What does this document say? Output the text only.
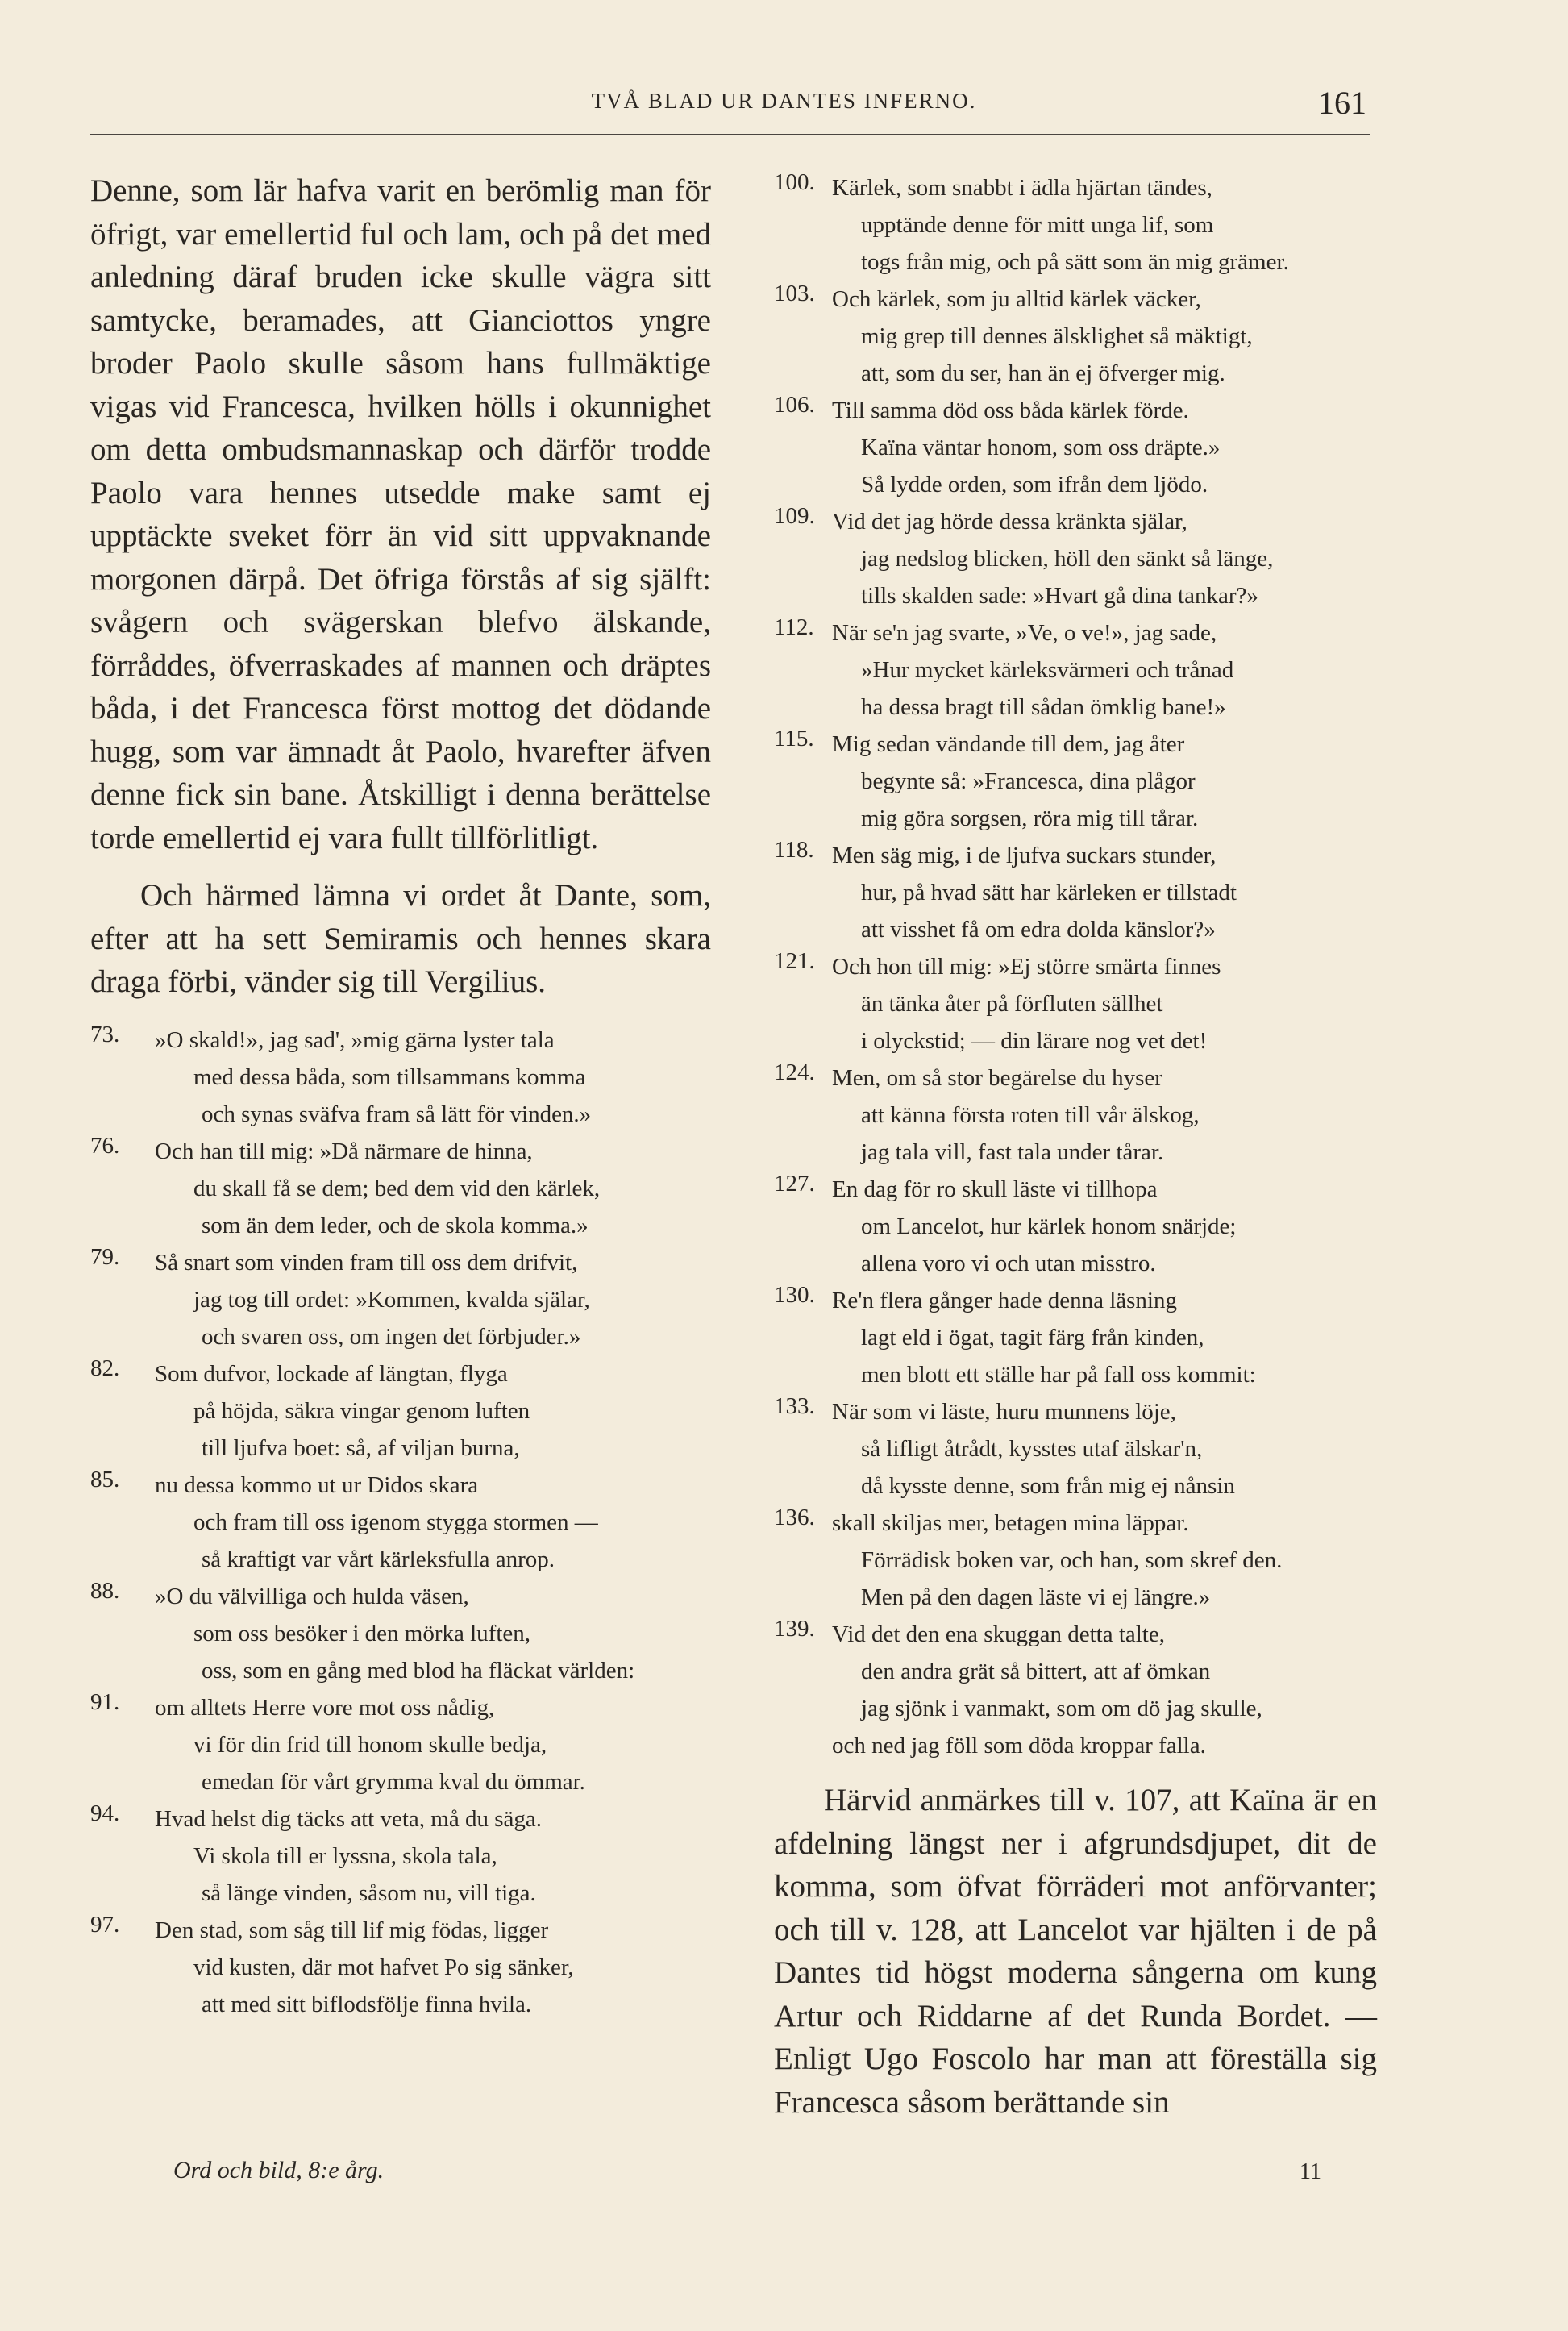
TVÅ BLAD UR DANTES INFERNO.	161

Denne, som lär hafva varit en berömlig man för öfrigt, var emellertid ful och lam, och på det med anledning däraf bruden icke skulle vägra sitt samtycke, beramades, att Gianciottos yngre broder Paolo skulle såsom hans fullmäktige vigas vid Francesca, hvilken hölls i okunnighet om detta ombudsmannaskap och därför trodde Paolo vara hennes utsedde make samt ej upptäckte sveket förr än vid sitt uppvaknande morgonen därpå. Det öfriga förstås af sig själft: svågern och svägerskan blefvo älskande, förråddes, öfverraskades af mannen och dräptes båda, i det Francesca först mottog det dödande hugg, som var ämnadt åt Paolo, hvarefter äfven denne fick sin bane. Åtskilligt i denna berättelse torde emellertid ej vara fullt tillförlitligt.

Och härmed lämna vi ordet åt Dante, som, efter att ha sett Semiramis och hennes skara draga förbi, vänder sig till Vergilius.

73. »O skald!», jag sad', »mig gärna lyster tala
med dessa båda, som tillsammans komma
och synas sväfva fram så lätt för vinden.»
76. Och han till mig: »Då närmare de hinna,
du skall få se dem; bed dem vid den kärlek,
som än dem leder, och de skola komma.»
79. Så snart som vinden fram till oss dem drifvit,
jag tog till ordet: »Kommen, kvalda själar,
och svaren oss, om ingen det förbjuder.»
82. Som dufvor, lockade af längtan, flyga
på höjda, säkra vingar genom luften
till ljufva boet: så, af viljan burna,
85. nu dessa kommo ut ur Didos skara
och fram till oss igenom stygga stormen —
så kraftigt var vårt kärleksfulla anrop.
88. »O du välvilliga och hulda väsen,
som oss besöker i den mörka luften,
oss, som en gång med blod ha fläckat världen:
91. om alltets Herre vore mot oss nådig,
vi för din frid till honom skulle bedja,
emedan för vårt grymma kval du ömmar.
94. Hvad helst dig täcks att veta, må du säga.
Vi skola till er lyssna, skola tala,
så länge vinden, såsom nu, vill tiga.
97. Den stad, som såg till lif mig födas, ligger
vid kusten, där mot hafvet Po sig sänker,
att med sitt biflodsfölje finna hvila.
100. Kärlek, som snabbt i ädla hjärtan tändes,
upptände denne för mitt unga lif, som
togs från mig, och på sätt som än mig grämer.
103. Och kärlek, som ju alltid kärlek väcker,
mig grep till dennes älsklighet så mäktigt,
att, som du ser, han än ej öfverger mig.
106. Till samma död oss båda kärlek förde.
Kaïna väntar honom, som oss dräpte.»
Så lydde orden, som ifrån dem ljödo.
109. Vid det jag hörde dessa kränkta själar,
jag nedslog blicken, höll den sänkt så länge,
tills skalden sade: »Hvart gå dina tankar?»
112. När se'n jag svarte, »Ve, o ve!», jag sade,
»Hur mycket kärleksvärmeri och trånad
ha dessa bragt till sådan ömklig bane!»
115. Mig sedan vändande till dem, jag åter
begynte så: »Francesca, dina plågor
mig göra sorgsen, röra mig till tårar.
118. Men säg mig, i de ljufva suckars stunder,
hur, på hvad sätt har kärleken er tillstadt
att visshet få om edra dolda känslor?»
121. Och hon till mig: »Ej större smärta finnes
än tänka åter på förfluten sällhet
i olyckstid; — din lärare nog vet det!
124. Men, om så stor begärelse du hyser
att känna första roten till vår älskog,
jag tala vill, fast tala under tårar.
127. En dag för ro skull läste vi tillhopa
om Lancelot, hur kärlek honom snärjde;
allena voro vi och utan misstro.
130. Re'n flera gånger hade denna läsning
lagt eld i ögat, tagit färg från kinden,
men blott ett ställe har på fall oss kommit:
133. När som vi läste, huru munnens löje,
så lifligt åtrådt, kysstes utaf älskar'n,
då kysste denne, som från mig ej nånsin
136. skall skiljas mer, betagen mina läppar.
Förrädisk boken var, och han, som skref den.
Men på den dagen läste vi ej längre.»
139. Vid det den ena skuggan detta talte,
den andra grät så bittert, att af ömkan
jag sjönk i vanmakt, som om dö jag skulle,
och ned jag föll som döda kroppar falla.

Härvid anmärkes till v. 107, att Kaïna är en afdelning längst ner i afgrundsdjupet, dit de komma, som öfvat förräderi mot anförvanter; och till v. 128, att Lancelot var hjälten i de på Dantes tid högst moderna sångerna om kung Artur och Riddarne af det Runda Bordet. — Enligt Ugo Foscolo har man att föreställa sig Francesca såsom berättande sin

Ord och bild, 8:e årg.	11
